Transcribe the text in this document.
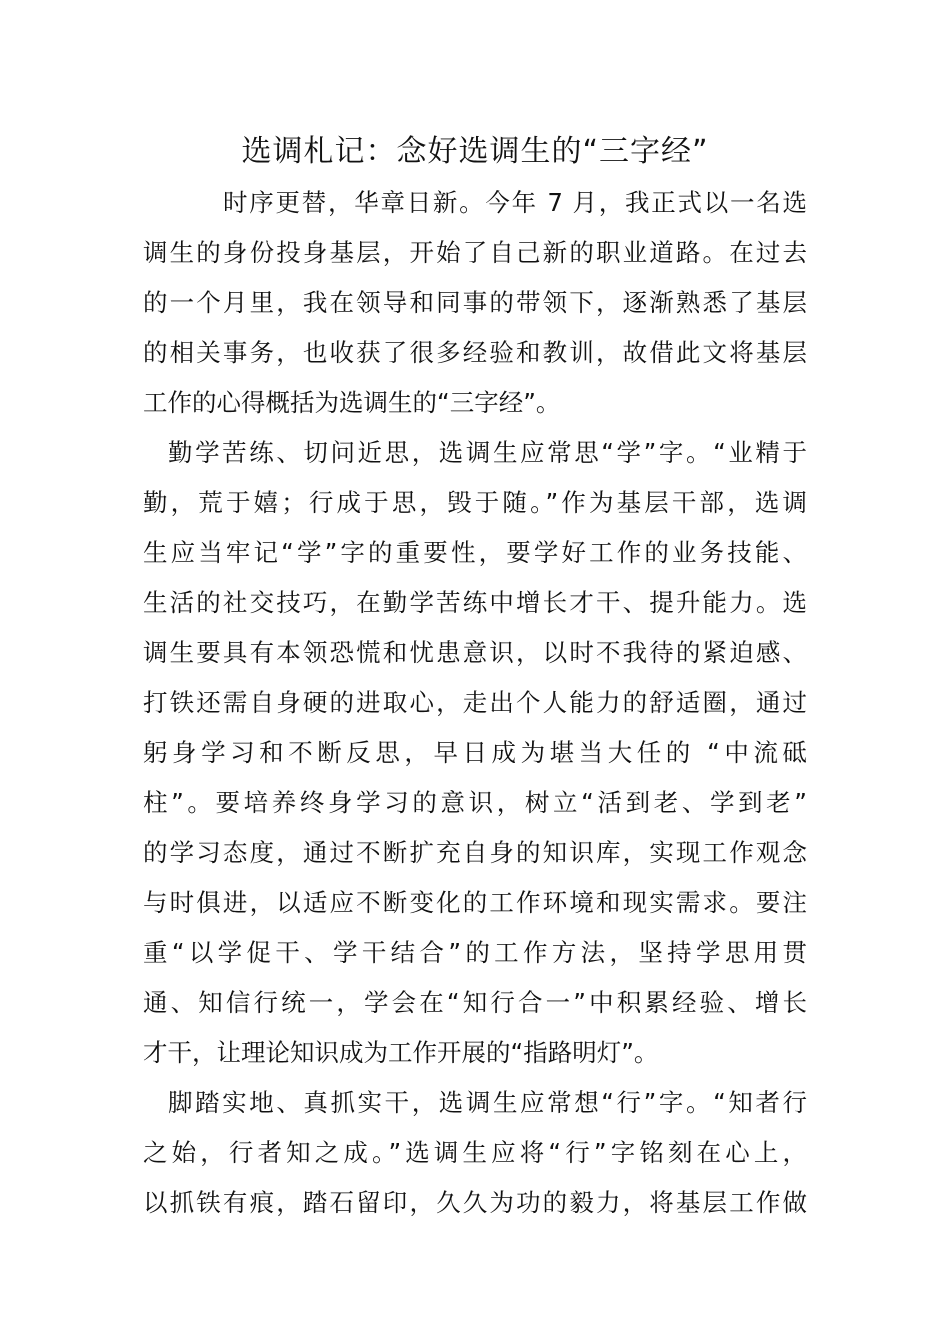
选调札记：念好选调生的“三字经”
时序更替，华章日新。今年 7 月，我正式以一名选
调生的身份投身基层，开始了自己新的职业道路。在过去
的一个月里，我在领导和同事的带领下，逐渐熟悉了基层
的相关事务，也收获了很多经验和教训，故借此文将基层
工作的心得概括为选调生的“三字经”。
勤学苦练、切问近思，选调生应常思“学”字。“业精于
勤，荒于嬉；行成于思，毁于随。”作为基层干部，选调
生应当牢记“学”字的重要性，要学好工作的业务技能、
生活的社交技巧，在勤学苦练中增长才干、提升能力。选
调生要具有本领恐慌和忧患意识，以时不我待的紧迫感、
打铁还需自身硬的进取心，走出个人能力的舒适圈，通过
躬身学习和不断反思，早日成为堪当大任的 “中流砥
柱”。要培养终身学习的意识，树立“活到老、学到老”
的学习态度，通过不断扩充自身的知识库，实现工作观念
与时俱进，以适应不断变化的工作环境和现实需求。要注
重“以学促干、学干结合”的工作方法，坚持学思用贯
通、知信行统一，学会在“知行合一”中积累经验、增长
才干，让理论知识成为工作开展的“指路明灯”。
脚踏实地、真抓实干，选调生应常想“行”字。“知者行
之始，行者知之成。”选调生应将“行”字铭刻在心上，
以抓铁有痕，踏石留印，久久为功的毅力，将基层工作做
